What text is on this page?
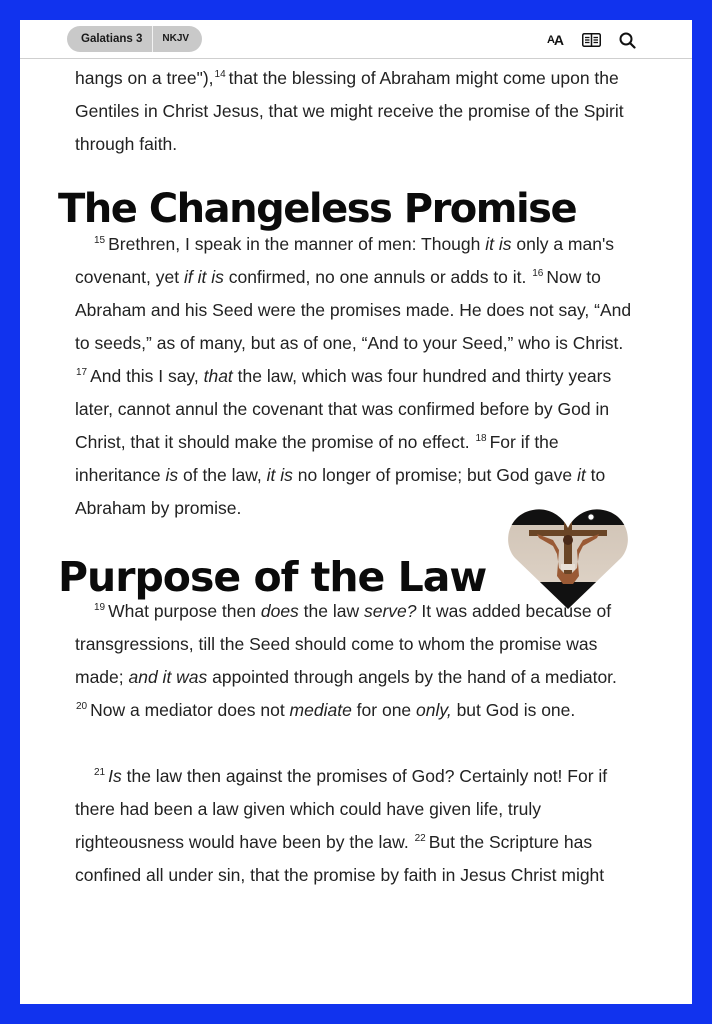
Galatians 3	NKJV	A A
hangs on a tree"),$^{14}$ that the blessing of Abraham might come upon the Gentiles in Christ Jesus, that we might receive the promise of the Spirit through faith.
The Changeless Promise
$^{15}$ Brethren, I speak in the manner of men: Though it is only a man's covenant, yet if it is confirmed, no one annuls or adds to it. $^{16}$ Now to Abraham and his Seed were the promises made. He does not say, “And to seeds,” as of many, but as of one, “And to your Seed,” who is Christ. $^{17}$ And this I say, that the law, which was four hundred and thirty years later, cannot annul the covenant that was confirmed before by God in Christ, that it should make the promise of no effect. $^{18}$ For if the inheritance is of the law, it is no longer of promise; but God gave it to Abraham by promise.
Purpose of the Law
$^{19}$ What purpose then does the law serve? It was added because of transgressions, till the Seed should come to whom the promise was made; and it was appointed through angels by the hand of a mediator. $^{20}$ Now a mediator does not mediate for one only, but God is one.
$^{21}$ Is the law then against the promises of God? Certainly not! For if there had been a law given which could have given life, truly righteousness would have been by the law. $^{22}$ But the Scripture has confined all under sin, that the promise by faith in Jesus Christ might
